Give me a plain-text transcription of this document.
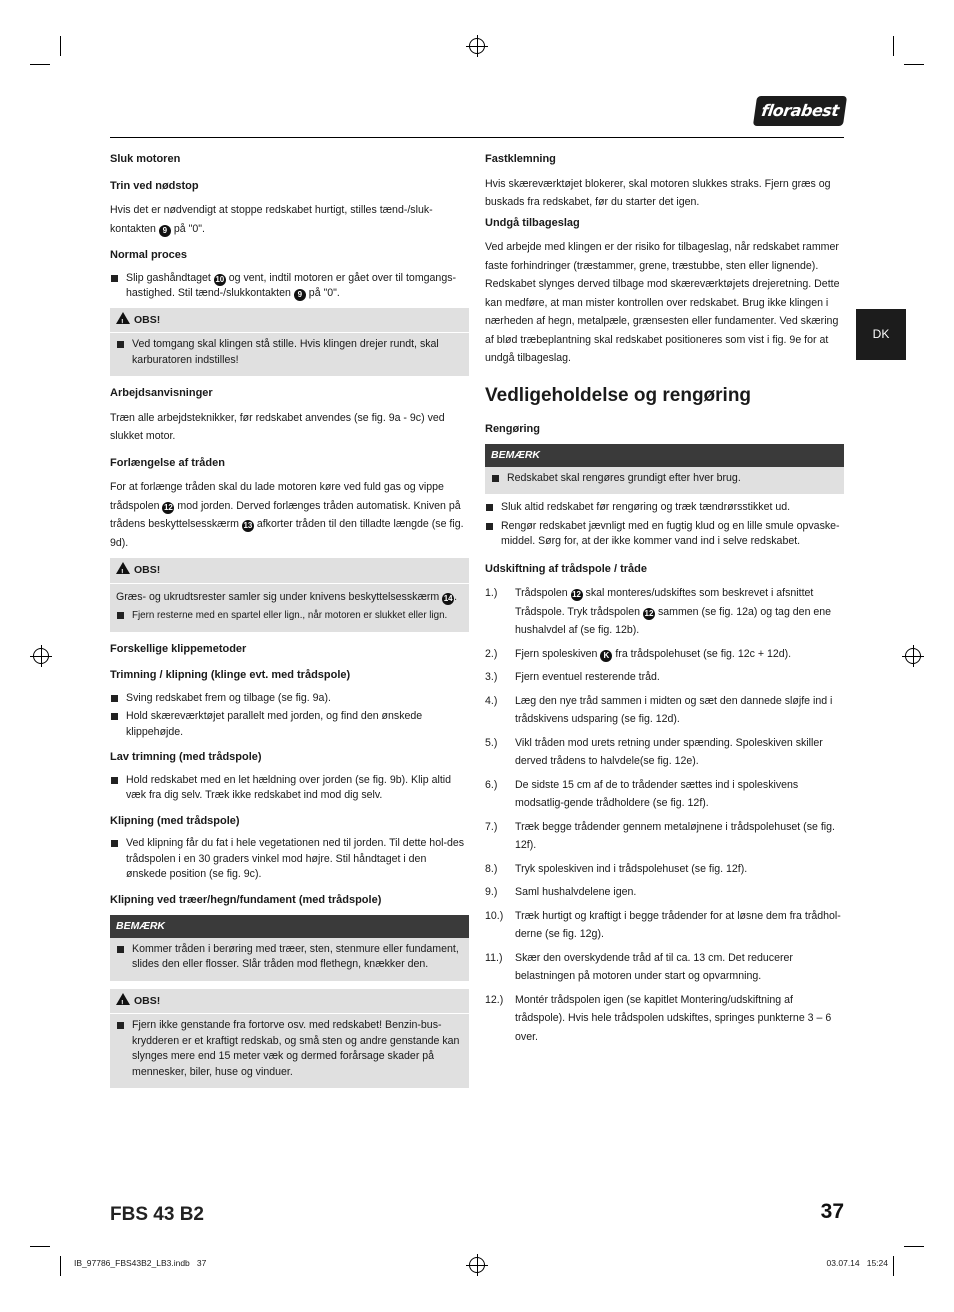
florabest
DK
Sluk motoren
Trin ved nødstop

Hvis det er nødvendigt at stoppe redskabet hurtigt, stilles tænd-/sluk-kontakten 9 på "0".

Normal proces
Slip gashåndtaget 10 og vent, indtil motoren er gået over til tomgangs-hastighed. Stil tænd-/slukkontakten 9 på "0".
!OBS!
Ved tomgang skal klingen stå stille. Hvis klingen drejer rundt, skal karburatoren indstilles!
Arbejdsanvisninger

Træn alle arbejdsteknikker, før redskabet anvendes (se fig. 9a - 9c) ved slukket motor.

Forlængelse af tråden

For at forlænge tråden skal du lade motoren køre ved fuld gas og vippe trådspolen 12 mod jorden. Derved forlænges tråden automatisk. Kniven på trådens beskyttelsesskærm 13 afkorter tråden til den tilladte længde (se fig. 9d).

!OBS!

Græs- og ukrudtsrester samler sig under knivens beskyttelsesskærm 14 .

Fjern resterne med en spartel eller lign., når motoren er slukket eller lign.
Forskellige klippemetoder
Trimning / klipning (klinge evt. med trådspole)
Sving redskabet frem og tilbage (se fig. 9a).
Hold skæreværktøjet parallelt med jorden, og find den ønskede klippehøjde.
Lav trimning (med trådspole)
Hold redskabet med en let hældning over jorden (se fig. 9b). Klip altid væk fra dig selv. Træk ikke redskabet ind mod dig selv.
Klipning (med trådspole)
Ved klipning får du fat i hele vegetationen ned til jorden. Til dette hol-des trådspolen i en 30 graders vinkel mod højre. Stil håndtaget i den ønskede position (se fig. 9c).
Klipning ved træer/hegn/fundament (med trådspole)
BEMÆRK
Kommer tråden i berøring med træer, sten, stenmure eller fundament, slides den eller flosser. Slår tråden mod flethegn, knækker den.
!OBS!
Fjern ikke genstande fra fortorve osv. med redskabet! Benzin-bus-krydderen er et kraftigt redskab, og små sten og andre genstande kan slynges mere end 15 meter væk og dermed forårsage skader på mennesker, biler, huse og vinduer.
Fastklemning

Hvis skæreværktøjet blokerer, skal motoren slukkes straks. Fjern græs og buskads fra redskabet, før du starter det igen.

Undgå tilbageslag

Ved arbejde med klingen er der risiko for tilbageslag, når redskabet rammer faste forhindringer (træstammer, grene, træstubbe, sten eller lignende). Redskabet slynges derved tilbage mod skæreværktøjets drejeretning. Dette kan medføre, at man mister kontrollen over redskabet. Brug ikke klingen i nærheden af hegn, metalpæle, grænsesten eller fundamenter. Ved skæring af blød træbeplantning skal redskabet positioneres som vist i fig. 9e for at undgå tilbageslag.

Vedligeholdelse og rengøring
Rengøring
BEMÆRK
Redskabet skal rengøres grundigt efter hver brug.
Sluk altid redskabet før rengøring og træk tændrørsstikket ud.
Rengør redskabet jævnligt med en fugtig klud og en lille smule opvaske-middel. Sørg for, at der ikke kommer vand ind i selve redskabet.
Udskiftning af trådspole / tråde
1.) Trådspolen 12 skal monteres/udskiftes som beskrevet i afsnittet Trådspole. Tryk trådspolen 12 sammen (se fig. 12a) og tag den ene hushalvdel af (se fig. 12b).
2.) Fjern spoleskiven K fra trådspolehuset (se fig. 12c + 12d).
3.) Fjern eventuel resterende tråd.
4.) Læg den nye tråd sammen i midten og sæt den dannede sløjfe ind i trådskivens udsparing (se fig. 12d).
5.) Vikl tråden mod urets retning under spænding. Spoleskiven skiller derved trådens to halvdele(se fig. 12e).
6.) De sidste 15 cm af de to trådender sættes ind i spoleskivens modsatlig-gende trådholdere (se fig. 12f).
7.) Træk begge trådender gennem metaløjnene i trådspolehuset (se fig. 12f).
8.) Tryk spoleskiven ind i trådspolehuset (se fig. 12f).
9.) Saml hushalvdelene igen.
10.) Træk hurtigt og kraftigt i begge trådender for at løsne dem fra trådhol-derne (se fig. 12g).
11.) Skær den overskydende tråd af til ca. 13 cm. Det reducerer belastningen på motoren under start og opvarmning.
12.) Montér trådspolen igen (se kapitlet Montering/udskiftning af trådspole). Hvis hele trådspolen udskiftes, springes punkterne 3 – 6 over.
FBS 43 B2	37
IB_97786_FBS43B2_LB3.indb   37	03.07.14   15:24
